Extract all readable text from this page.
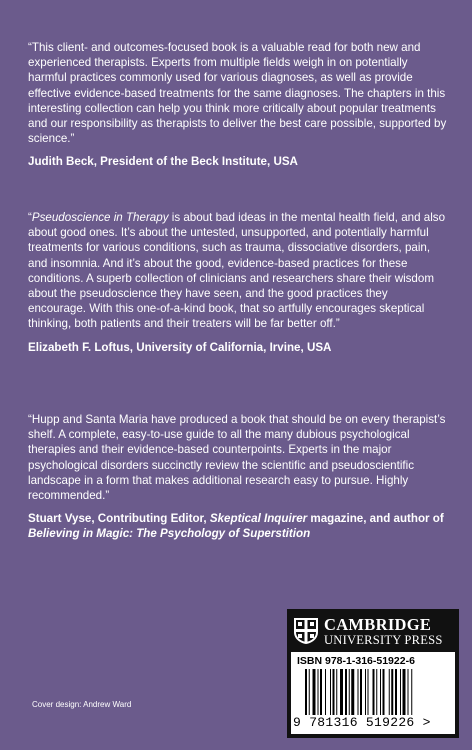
“This client- and outcomes-focused book is a valuable read for both new and experienced therapists. Experts from multiple fields weigh in on potentially harmful practices commonly used for various diagnoses, as well as provide effective evidence-based treatments for the same diagnoses. The chapters in this interesting collection can help you think more critically about popular treatments and our responsibility as therapists to deliver the best care possible, supported by science.”

Judith Beck, President of the Beck Institute, USA

“Pseudoscience in Therapy is about bad ideas in the mental health field, and also about good ones. It’s about the untested, unsupported, and potentially harmful treatments for various conditions, such as trauma, dissociative disorders, pain, and insomnia. And it’s about the good, evidence-based practices for these conditions. A superb collection of clinicians and researchers share their wisdom about the pseudoscience they have seen, and the good practices they encourage. With this one-of-a-kind book, that so artfully encourages skeptical thinking, both patients and their treaters will be far better off.”

Elizabeth F. Loftus, University of California, Irvine, USA

“Hupp and Santa Maria have produced a book that should be on every therapist’s shelf. A complete, easy-to-use guide to all the many dubious psychological therapies and their evidence-based counterpoints. Experts in the major psychological disorders succinctly review the scientific and pseudoscientific landscape in a form that makes additional research easy to pursue. Highly recommended.”

Stuart Vyse, Contributing Editor, Skeptical Inquirer magazine, and author of Believing in Magic: The Psychology of Superstition
Cover design: Andrew Ward
CAMBRIDGE
UNIVERSITY PRESS
ISBN 978-1-316-51922-6
9 781316 519226 >
